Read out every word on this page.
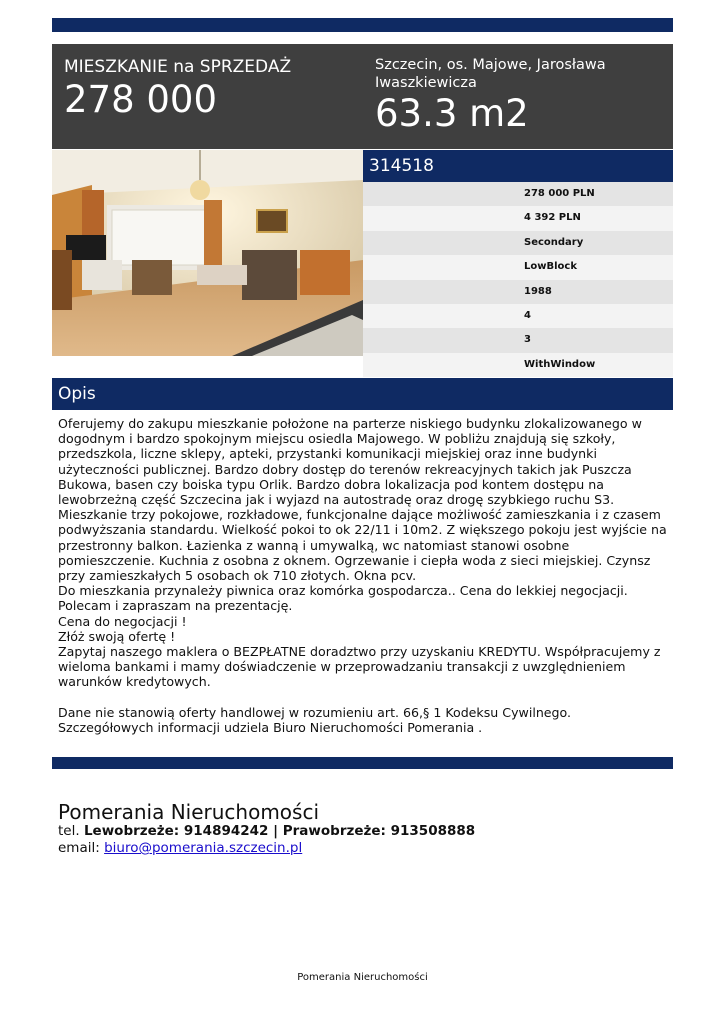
MIESZKANIE na SPRZEDAŻ
278 000
Szczecin, os. Majowe, Jarosława Iwaszkiewicza
63.3 m2
314518
278 000 PLN
4 392 PLN
Secondary
LowBlock
1988
4
3
WithWindow
Opis

Oferujemy do zakupu mieszkanie położone na parterze niskiego budynku zlokalizowanego w dogodnym i bardzo spokojnym miejscu osiedla Majowego. W pobliżu znajdują się szkoły, przedszkola, liczne sklepy, apteki, przystanki komunikacji miejskiej oraz inne budynki użyteczności publicznej. Bardzo dobry dostęp do terenów rekreacyjnych takich jak Puszcza Bukowa, basen czy boiska typu Orlik. Bardzo dobra lokalizacja pod kontem dostępu na lewobrzeżną część Szczecina jak i wyjazd na autostradę oraz drogę szybkiego ruchu S3.

Mieszkanie trzy pokojowe, rozkładowe, funkcjonalne dające możliwość zamieszkania i z czasem podwyższania standardu. Wielkość pokoi to ok 22/11 i 10m2. Z większego pokoju jest wyjście na przestronny balkon. Łazienka z wanną i umywalką, wc natomiast stanowi osobne pomieszczenie. Kuchnia z osobna z oknem. Ogrzewanie i ciepła woda z sieci miejskiej. Czynsz przy zamieszkałych 5 osobach ok 710 złotych. Okna pcv.

Do mieszkania przynależy piwnica oraz komórka gospodarcza.. Cena do lekkiej negocjacji. Polecam i zapraszam na prezentację.

Cena do negocjacji !

Złóż swoją ofertę !

Zapytaj naszego maklera o BEZPŁATNE doradztwo przy uzyskaniu KREDYTU. Współpracujemy z wieloma bankami i mamy doświadczenie w przeprowadzaniu transakcji z uwzględnieniem warunków kredytowych.

Dane nie stanowią oferty handlowej w rozumieniu art. 66,§ 1 Kodeksu Cywilnego. Szczegółowych informacji udziela Biuro Nieruchomości Pomerania .

Pomerania Nieruchomości
tel. Lewobrzeże: 914894242 | Prawobrzeże: 913508888
email: biuro@pomerania.szczecin.pl
Pomerania Nieruchomości
